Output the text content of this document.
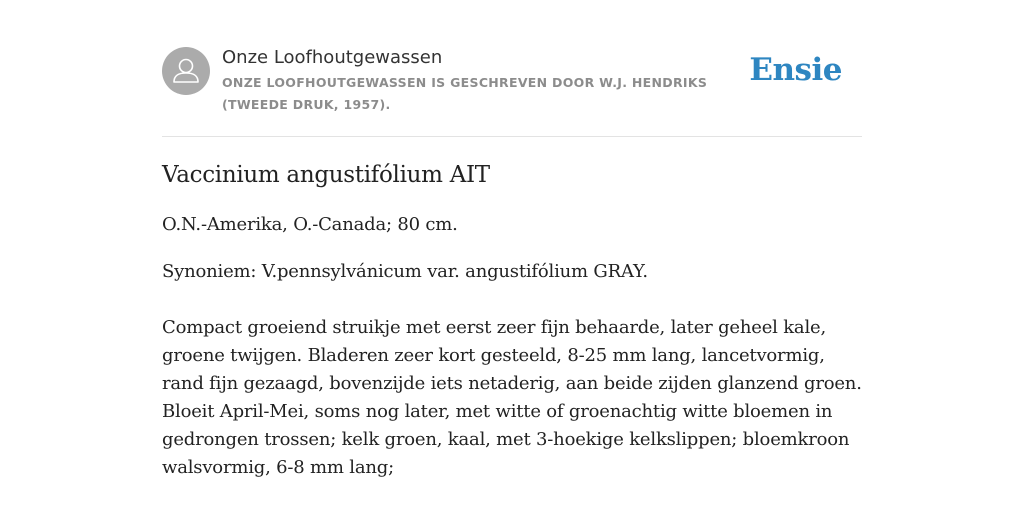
Onze Loofhoutgewassen
ONZE LOOFHOUTGEWASSEN IS GESCHREVEN DOOR W.J. HENDRIKS (TWEEDE DRUK, 1957).
Ensie
Vaccinium angustifólium AIT

O.N.-Amerika, O.-Canada; 80 cm.

Synoniem: V.pennsylvánicum var. angustifólium GRAY.

Compact groeiend struikje met eerst zeer fijn behaarde, later geheel kale, groene twijgen. Bladeren zeer kort gesteeld, 8-25 mm lang, lancetvormig, rand fijn gezaagd, bovenzijde iets netaderig, aan beide zijden glanzend groen. Bloeit April-Mei, soms nog later, met witte of groenachtig witte bloemen in gedrongen trossen; kelk groen, kaal, met 3-hoekige kelkslippen; bloemkroon walsvormig, 6-8 mm lang;
